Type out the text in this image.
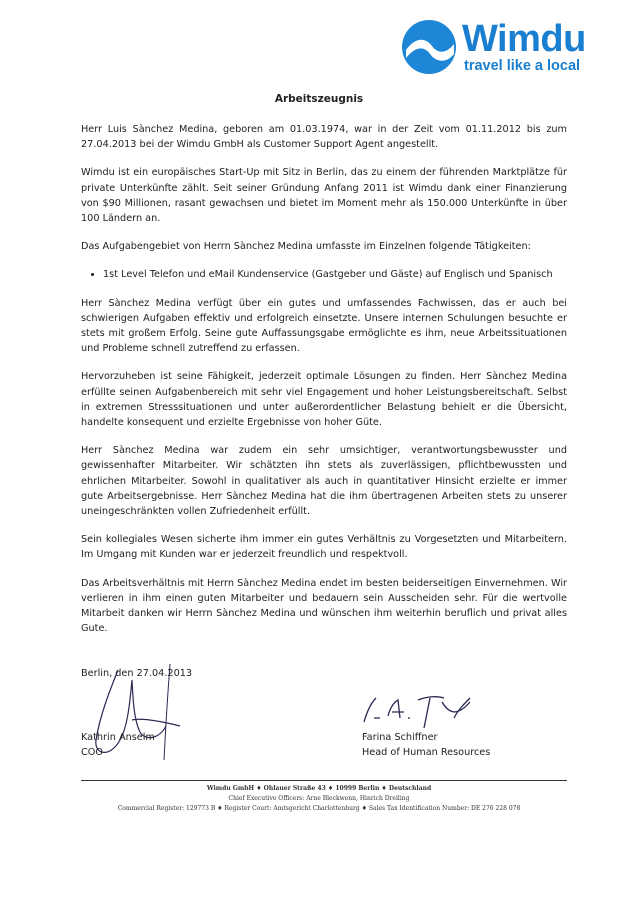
Wimdu
travel like a local
Arbeitszeugnis

Herr Luis Sànchez Medina, geboren am 01.03.1974, war in der Zeit vom 01.11.2012 bis zum 27.04.2013 bei der Wimdu GmbH als Customer Support Agent angestellt.

Wimdu ist ein europäisches Start-Up mit Sitz in Berlin, das zu einem der führenden Marktplätze für private Unterkünfte zählt. Seit seiner Gründung Anfang 2011 ist Wimdu dank einer Finanzierung von $90 Millionen, rasant gewachsen und bietet im Moment mehr als 150.000 Unterkünfte in über 100 Ländern an.

Das Aufgabengebiet von Herrn Sànchez Medina umfasste im Einzelnen folgende Tätigkeiten:

• 1st Level Telefon und eMail Kundenservice (Gastgeber und Gäste) auf Englisch und Spanisch

Herr Sànchez Medina verfügt über ein gutes und umfassendes Fachwissen, das er auch bei schwierigen Aufgaben effektiv und erfolgreich einsetzte. Unsere internen Schulungen besuchte er stets mit großem Erfolg. Seine gute Auffassungsgabe ermöglichte es ihm, neue Arbeitssituationen und Probleme schnell zutreffend zu erfassen.

Hervorzuheben ist seine Fähigkeit, jederzeit optimale Lösungen zu finden. Herr Sànchez Medina erfüllte seinen Aufgabenbereich mit sehr viel Engagement und hoher Leistungsbereitschaft. Selbst in extremen Stresssituationen und unter außerordentlicher Belastung behielt er die Übersicht, handelte konsequent und erzielte Ergebnisse von hoher Güte.

Herr Sànchez Medina war zudem ein sehr umsichtiger, verantwortungsbewusster und gewissenhafter Mitarbeiter. Wir schätzten ihn stets als zuverlässigen, pflichtbewussten und ehrlichen Mitarbeiter. Sowohl in qualitativer als auch in quantitativer Hinsicht erzielte er immer gute Arbeitsergebnisse. Herr Sànchez Medina hat die ihm übertragenen Arbeiten stets zu unserer uneingeschränkten vollen Zufriedenheit erfüllt.

Sein kollegiales Wesen sicherte ihm immer ein gutes Verhältnis zu Vorgesetzten und Mitarbeitern. Im Umgang mit Kunden war er jederzeit freundlich und respektvoll.

Das Arbeitsverhältnis mit Herrn Sànchez Medina endet im besten beiderseitigen Einvernehmen. Wir verlieren in ihm einen guten Mitarbeiter und bedauern sein Ausscheiden sehr. Für die wertvolle Mitarbeit danken wir Herrn Sànchez Medina und wünschen ihm weiterhin beruflich und privat alles Gute.

Berlin, den 27.04.2013
Kathrin Anselm
COO
Farina Schiffner
Head of Human Resources
Wimdu GmbH ♦ Ohlauer Straße 43 ♦ 10999 Berlin ♦ Deutschland
Chief Executive Officers: Arne Bleckwenn, Hinrich Dreiling
Commercial Register: 129773 B ♦ Register Court: Amtsgericht Charlottenburg ♦ Sales Tax Identification Number: DE 276 228 078
